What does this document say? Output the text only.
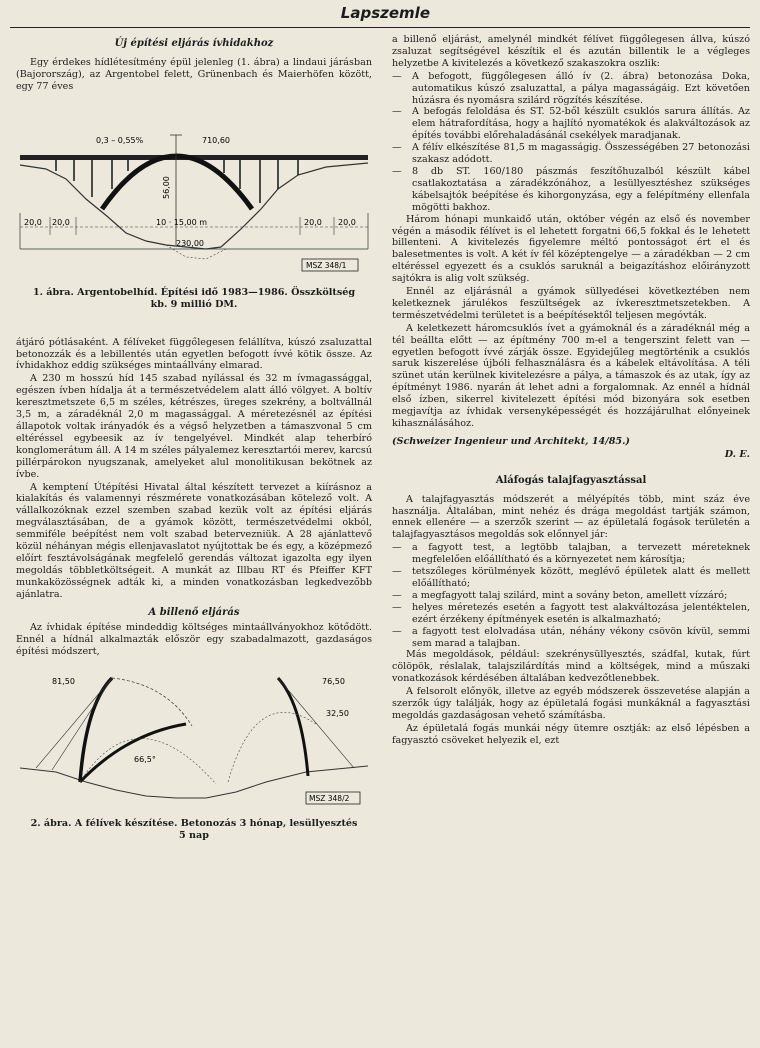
Lapszemle
Új építési eljárás ívhidakhoz

Egy érdekes hídlétesítmény épül jelenleg (1. ábra) a lindaui járásban (Bajorország), az Argentobel felett, Grünenbach és Maierhöfen között, egy 77 éves

56,00
0,3 – 0,55%	710,60
20,0 20,0	10 · 15,00 m	20,0 20,0
230,00
MSZ 348/1
1. ábra. Argentobelhíd. Építési idő 1983—1986. Összköltség kb. 9 millió DM.

átjáró pótlásaként. A félíveket függőlegesen felállítva, kúszó zsaluzattal betonozzák és a lebillentés után egyetlen befogott ívvé kötik össze. Az ívhidakhoz eddig szükséges mintaállvány elmarad.

A 230 m hosszú híd 145 szabad nyílással és 32 m ívmagassággal, egészen ívben hídalja át a természetvédelem alatt álló völgyet. A boltív keresztmetszete 6,5 m széles, kétrészes, üreges szekrény, a boltvállnál 3,5 m, a záradéknál 2,0 m magassággal. A méretezésnél az építési állapotok voltak irányadók és a végső helyzetben a támaszvonal 5 cm eltéréssel egybeesik az ív tengelyével. Mindkét alap teherbíró konglomerátum áll. A 14 m széles pályalemez keresztartói merev, karcsú pillérpárokon nyugszanak, amelyeket alul monolitikusan bekötnek az ívbe.

A kemptení Útépítési Hivatal által készített tervezet a kiírásnoz a kialakítás és valamennyi részmérete vonatkozásában kötelező volt. A vállalkozóknak ezzel szemben szabad kezük volt az építési eljárás megválasztásában, de a gyámok között, természetvédelmi okból, semmiféle beépítést nem volt szabad betervezniük. A 28 ajánlattevő közül néhányan mégis ellenjavaslatot nyújtottak be és egy, a középmező előírt fesztávolságának megfelelő gerendás változat igazolta egy ilyen megoldás többletköltségeit. A munkát az Illbau RT és Pfeiffer KFT munkaközösségnek adták ki, a minden vonatkozásban legkedvezőbb ajánlatra.

A billenő eljárás

Az ívhidak építése mindeddig költséges mintaállványokhoz kötődött. Ennél a hídnál alkalmazták először egy szabadalmazott, gazdaságos építési módszert,

81,50	76,50
32,50
66,5°
MSZ 348/2
2. ábra. A félívek készítése. Betonozás 3 hónap, lesüllyesztés 5 nap

a billenő eljárást, amelynél mindkét félívet függőlegesen állva, kúszó zsaluzat segítségével készítik el és azután billentik le a végleges helyzetbe A kivitelezés a következő szakaszokra oszlik:

—	A befogott, függőlegesen álló ív (2. ábra) betonozása Doka, automatikus kúszó zsaluzattal, a pálya magasságáig. Ezt követően húzásra és nyomásra szilárd rögzítés készítése.
—	A befogás feloldása és ST. 52-ből készült csuklós sarura állítás. Az elem hátrafordítása, hogy a hajlító nyomatékok és alakváltozások az építés további előrehaladásánál csekélyek maradjanak.
—	A félív elkészítése 81,5 m magasságig. Összességében 27 betonozási szakasz adódott.
—	8 db ST. 160/180 pászmás feszítőhuzalból készült kábel csatlakoztatása a záradékzónához, a lesüllyesztéshez szükséges kábelsajtók beépítése és kihorgonyzása, egy a felépítmény ellenfala mögötti bakhoz.

Három hónapi munkaidő után, október végén az első és november végén a második félívet is el lehetett forgatni 66,5 fokkal és le lehetett billenteni. A kivitelezés figyelemre méltó pontosságot ért el és balesetmentes is volt. A két ív fél középtengelye — a záradékban — 2 cm eltéréssel egyezett és a csuklós saruknál a beigazításhoz előirányzott sajtókra is alig volt szükség.

Ennél az eljárásnál a gyámok süllyedései következtében nem keletkeznek járulékos feszültségek az ívkeresztmetszetekben. A természetvédelmi területet is a beépítésektől teljesen megóvták.

A keletkezett háromcsuklós ívet a gyámoknál és a záradéknál még a tél beállta előtt — az építmény 700 m-el a tengerszint felett van — egyetlen befogott ívvé zárják össze. Egyidejűleg megtörténik a csuklós saruk kiszerelése újbóli felhasználásra és a kábelek eltávolítása. A téli szünet után kerülnek kivitelezésre a pálya, a támaszok és az utak, így az építményt 1986. nyarán át lehet adni a forgalomnak. Az ennél a hídnál első ízben, sikerrel kivitelezett építési mód bizonyára sok esetben megjavítja az ívhidak versenyképességét és hozzájárulhat előnyeinek kihasználásához.

(Schweizer Ingenieur und Architekt, 14/85.)

D. E.
Aláfogás talajfagyasztással

A talajfagyasztás módszerét a mélyépítés több, mint száz éve használja. Általában, mint nehéz és drága megoldást tartják számon, ennek ellenére — a szerzők szerint — az épületalá fogások területén a talajfagyasztásos megoldás sok előnnyel jár:

—	a fagyott test, a legtöbb talajban, a tervezett méreteknek megfelelően előállítható és a környezetet nem károsítja;
—	tetszőleges körülmények között, meglévő épületek alatt és mellett előállítható;
—	a megfagyott talaj szilárd, mint a sovány beton, amellett vízzáró;
—	helyes méretezés esetén a fagyott test alakváltozása jelentéktelen, ezért érzékeny építmények esetén is alkalmazható;
—	a fagyott test elolvadása után, néhány vékony csövön kívül, semmi sem marad a talajban.

Más megoldások, például: szekrénysüllyesztés, szádfal, kutak, fúrt cölöpök, réslalak, talajszilárdítás mind a költségek, mind a műszaki vonatkozások kérdésében általában kedvezőtlenebbek.

A felsorolt előnyök, illetve az egyéb módszerek összevetése alapján a szerzők úgy találják, hogy az épületalá fogási munkáknál a fagyasztási megoldás gazdaságosan vehető számításba.

Az épületalá fogás munkái négy ütemre osztják: az első lépésben a fagyasztó csöveket helyezik el, ezt
